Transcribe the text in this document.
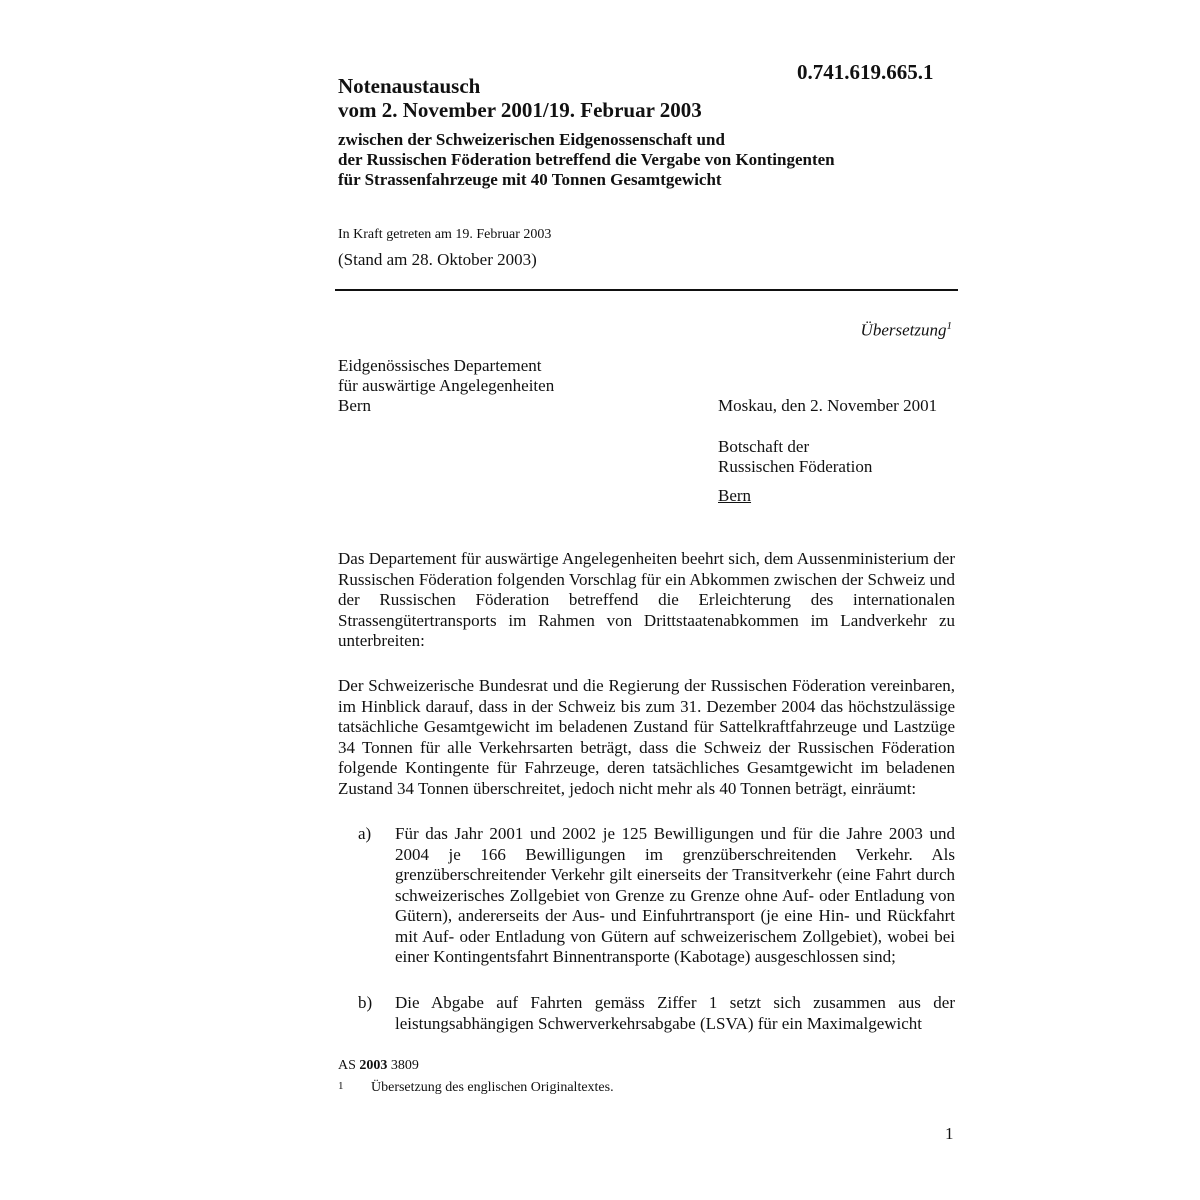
0.741.619.665.1
Notenaustausch
vom 2. November 2001/19. Februar 2003
zwischen der Schweizerischen Eidgenossenschaft und
der Russischen Föderation betreffend die Vergabe von Kontingenten
für Strassenfahrzeuge mit 40 Tonnen Gesamtgewicht
In Kraft getreten am 19. Februar 2003
(Stand am 28. Oktober 2003)
Übersetzung$^1$
Eidgenössisches Departement
für auswärtige Angelegenheiten
Bern	Moskau, den 2. November 2001
Botschaft der
Russischen Föderation
Bern

Das Departement für auswärtige Angelegenheiten beehrt sich, dem Aussenministerium der Russischen Föderation folgenden Vorschlag für ein Abkommen zwischen der Schweiz und der Russischen Föderation betreffend die Erleichterung des internationalen Strassengütertransports im Rahmen von Drittstaatenabkommen im Landverkehr zu unterbreiten:

Der Schweizerische Bundesrat und die Regierung der Russischen Föderation vereinbaren, im Hinblick darauf, dass in der Schweiz bis zum 31. Dezember 2004 das höchstzulässige tatsächliche Gesamtgewicht im beladenen Zustand für Sattelkraftfahrzeuge und Lastzüge 34 Tonnen für alle Verkehrsarten beträgt, dass die Schweiz der Russischen Föderation folgende Kontingente für Fahrzeuge, deren tatsächliches Gesamtgewicht im beladenen Zustand 34 Tonnen überschreitet, jedoch nicht mehr als 40 Tonnen beträgt, einräumt:

a) Für das Jahr 2001 und 2002 je 125 Bewilligungen und für die Jahre 2003 und 2004 je 166 Bewilligungen im grenzüberschreitenden Verkehr. Als grenzüberschreitender Verkehr gilt einerseits der Transitverkehr (eine Fahrt durch schweizerisches Zollgebiet von Grenze zu Grenze ohne Auf- oder Entladung von Gütern), andererseits der Aus- und Einfuhrtransport (je eine Hin- und Rückfahrt mit Auf- oder Entladung von Gütern auf schweizerischem Zollgebiet), wobei bei einer Kontingentsfahrt Binnentransporte (Kabotage) ausgeschlossen sind;
b) Die Abgabe auf Fahrten gemäss Ziffer 1 setzt sich zusammen aus der leistungsabhängigen Schwerverkehrsabgabe (LSVA) für ein Maximalgewicht
AS 2003 3809
1 Übersetzung des englischen Originaltextes.
1
